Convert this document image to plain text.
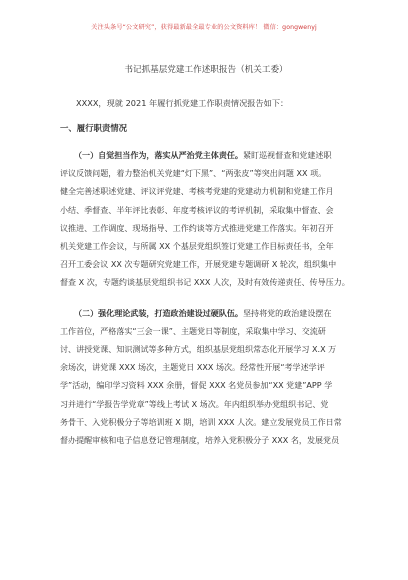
关注头条号“公文研究”，获得最新最全最专业的公文资料库！ 微信：gongwenyj
书记抓基层党建工作述职报告（机关工委）
XXXX，现就 2021 年履行抓党建工作职责情况报告如下：
一、履行职责情况
（一）自觉担当作为，落实从严治党主体责任。紧盯巡视督查和党建述职
评议反馈问题，着力整治机关党建“灯下黑”、“两张皮”等突出问题 XX 项。
健全完善述职述党建、评议评党建、考核考党建的党建动力机制和党建工作月
小结、季督查、半年评比表彰、年度考核评议的考评机制，采取集中督查、会
议推进、工作调度、现场指导、工作约谈等方式推进党建工作落实。年初召开
机关党建工作会议，与所属 XX 个基层党组织签订党建工作目标责任书，全年
召开工委会议 XX 次专题研究党建工作，开展党建专题调研 X 轮次，组织集中
督查 X 次，专题约谈基层党组织书记 XXX 人次，及时有效传递责任、传导压力。
（二）强化理论武装，打造政治建设过硬队伍。坚持将党的政治建设摆在
工作首位，严格落实“三会一课”、主题党日等制度，采取集中学习、交流研
讨、讲授党课、知识测试等多种方式，组织基层党组织常态化开展学习 X.X 万
余场次，讲党课 XXX 场次，主题党日 XXX 场次。经常性开展“考学述学评
学”活动，编印学习资料 XXX 余册，督促 XXX 名党员参加“XX 党建”APP 学
习并进行“学报告学党章”等线上考试 X 场次。年内组织举办党组织书记、党
务骨干、入党积极分子等培训班 X 期，培训 XXX 人次。建立发展党员工作日常
督办提醒审核和电子信息登记管理制度，培养入党积极分子 XXX 名，发展党员
